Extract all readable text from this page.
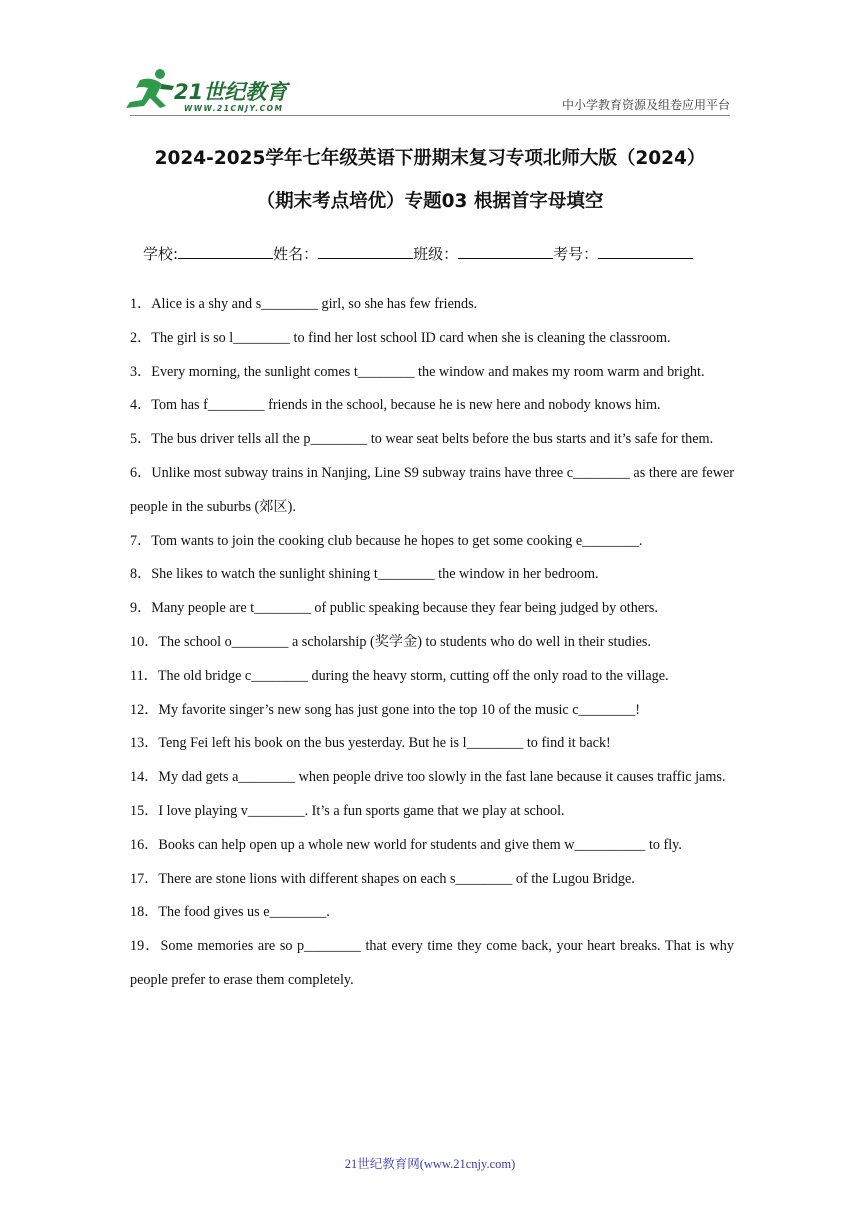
21世纪教育
WWW.21CNJY.COM	中小学教育资源及组卷应用平台
2024-2025学年七年级英语下册期末复习专项北师大版（2024）
（期末考点培优）专题03 根据首字母填空
学校:	姓名：	班级：	考号：

1．Alice is a shy and s________ girl, so she has few friends.

2．The girl is so l________ to find her lost school ID card when she is cleaning the classroom.

3．Every morning, the sunlight comes t________ the window and makes my room warm and bright.

4．Tom has f________ friends in the school, because he is new here and nobody knows him.

5．The bus driver tells all the p________ to wear seat belts before the bus starts and it’s safe for them.

6．Unlike most subway trains in Nanjing, Line S9 subway trains have three c________ as there are fewer people in the suburbs (郊区).

7．Tom wants to join the cooking club because he hopes to get some cooking e________.

8．She likes to watch the sunlight shining t________ the window in her bedroom.

9．Many people are t________ of public speaking because they fear being judged by others.

10．The school o________ a scholarship (奖学金) to students who do well in their studies.

11．The old bridge c________ during the heavy storm, cutting off the only road to the village.

12．My favorite singer’s new song has just gone into the top 10 of the music c________!

13．Teng Fei left his book on the bus yesterday. But he is l________ to find it back!

14．My dad gets a________ when people drive too slowly in the fast lane because it causes traffic jams.

15．I love playing v________. It’s a fun sports game that we play at school.

16．Books can help open up a whole new world for students and give them w__________ to fly.

17．There are stone lions with different shapes on each s________ of the Lugou Bridge.

18．The food gives us e________.

19．Some memories are so p________ that every time they come back, your heart breaks. That is why people prefer to erase them completely.

21世纪教育网(www.21cnjy.com)
